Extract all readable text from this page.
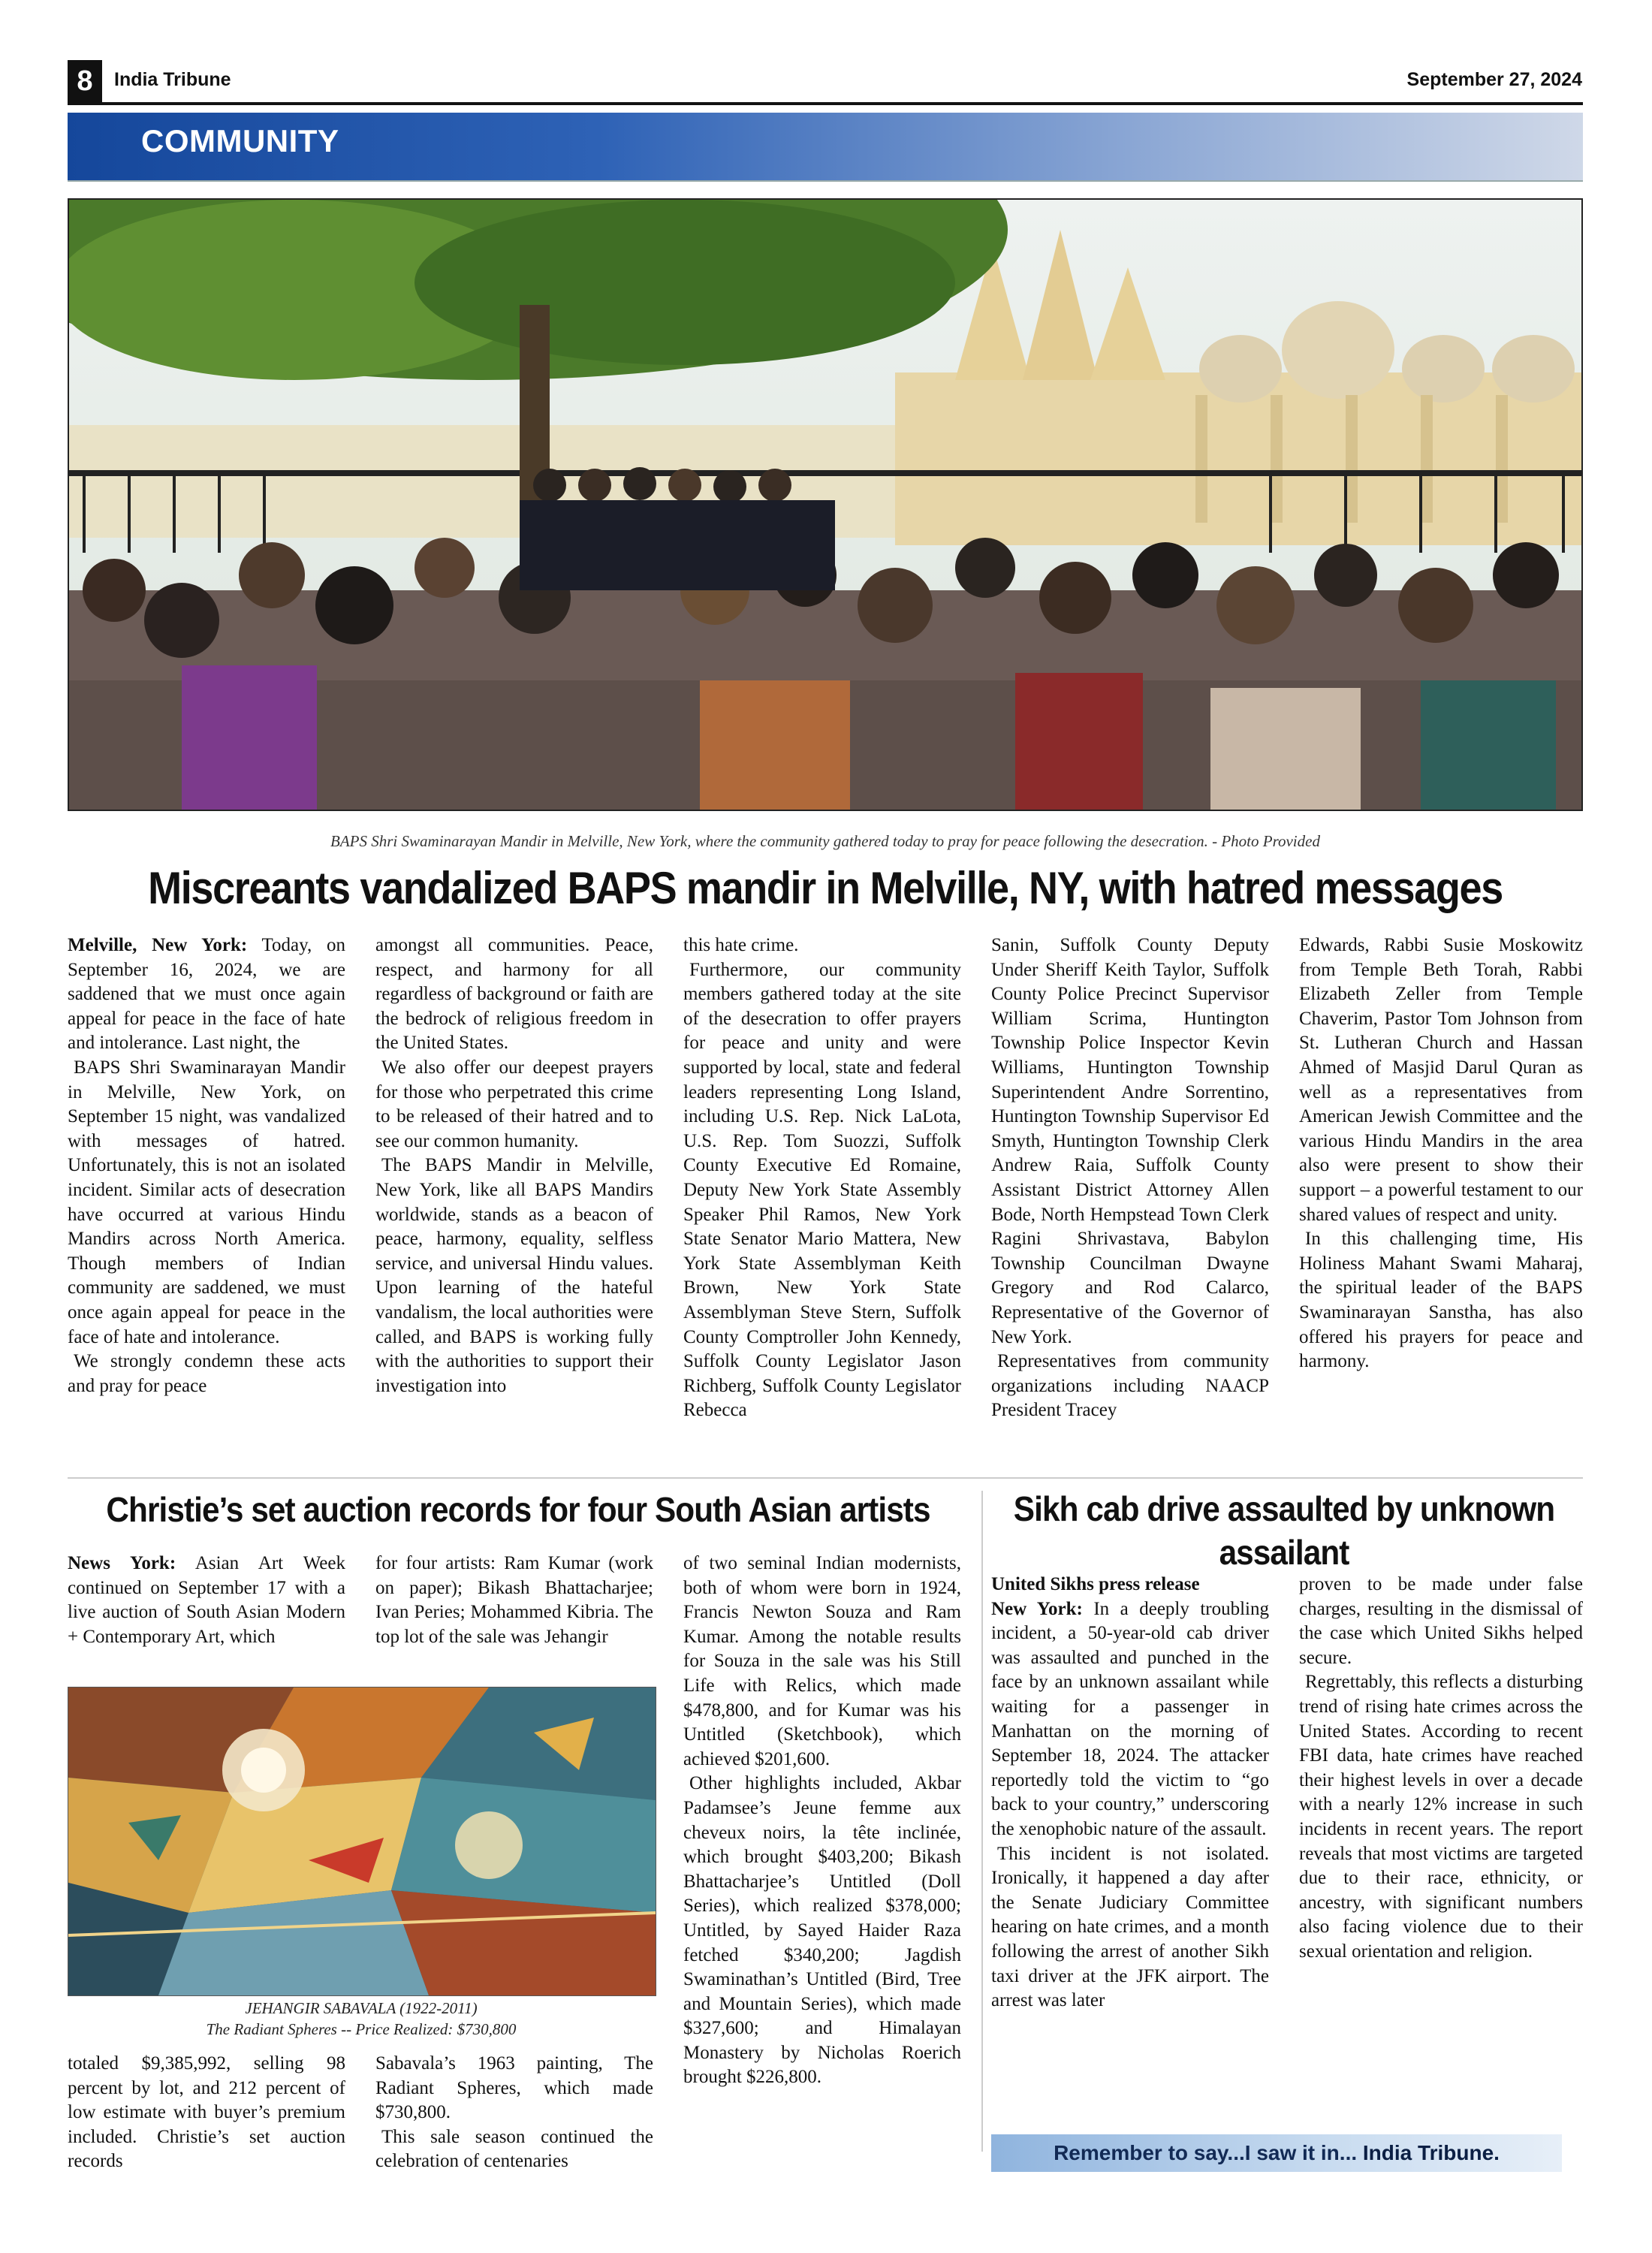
8	India Tribune	September 27, 2024
COMMUNITY
BAPS Shri Swaminarayan Mandir in Melville, New York, where the community gathered today to pray for peace following the desecration. - Photo Provided
Miscreants vandalized BAPS mandir in Melville, NY, with hatred messages

Melville, New York: Today, on September 16, 2024, we are saddened that we must once again appeal for peace in the face of hate and intolerance. Last night, the

BAPS Shri Swaminarayan Mandir in Melville, New York, on September 15 night, was vandalized with messages of hatred. Unfortunately, this is not an isolated incident. Similar acts of desecration have occurred at various Hindu Mandirs across North America. Though members of Indian community are saddened, we must once again appeal for peace in the face of hate and intolerance.

We strongly condemn these acts and pray for peace

amongst all communities. Peace, respect, and harmony for all regardless of background or faith are the bedrock of religious freedom in the United States.

We also offer our deepest prayers for those who perpetrated this crime to be released of their hatred and to see our common humanity.

The BAPS Mandir in Melville, New York, like all BAPS Mandirs worldwide, stands as a beacon of peace, harmony, equality, selfless service, and universal Hindu values. Upon learning of the hateful vandalism, the local authorities were called, and BAPS is working fully with the authorities to support their investigation into

this hate crime.

Furthermore, our community members gathered today at the site of the desecration to offer prayers for peace and unity and were supported by local, state and federal leaders representing Long Island, including U.S. Rep. Nick LaLota, U.S. Rep. Tom Suozzi, Suffolk County Executive Ed Romaine, Deputy New York State Assembly Speaker Phil Ramos, New York State Senator Mario Mattera, New York State Assemblyman Keith Brown, New York State Assemblyman Steve Stern, Suffolk County Comptroller John Kennedy, Suffolk County Legislator Jason Richberg, Suffolk County Legislator Rebecca

Sanin, Suffolk County Deputy Under Sheriff Keith Taylor, Suffolk County Police Precinct Supervisor William Scrima, Huntington Township Police Inspector Kevin Williams, Huntington Township Superintendent Andre Sorrentino, Huntington Township Supervisor Ed Smyth, Huntington Township Clerk Andrew Raia, Suffolk County Assistant District Attorney Allen Bode, North Hempstead Town Clerk Ragini Shrivastava, Babylon Township Councilman Dwayne Gregory and Rod Calarco, Representative of the Governor of New York.

Representatives from community organizations including NAACP President Tracey

Edwards, Rabbi Susie Moskowitz from Temple Beth Torah, Rabbi Elizabeth Zeller from Temple Chaverim, Pastor Tom Johnson from St. Lutheran Church and Hassan Ahmed of Masjid Darul Quran as well as a representatives from American Jewish Committee and the various Hindu Mandirs in the area also were present to show their support – a powerful testament to our shared values of respect and unity.

In this challenging time, His Holiness Mahant Swami Maharaj, the spiritual leader of the BAPS Swaminarayan Sanstha, has also offered his prayers for peace and harmony.

Christie’s set auction records for four South Asian artists

News York: Asian Art Week continued on September 17 with a live auction of South Asian Modern + Contemporary Art, which

for four artists: Ram Kumar (work on paper); Bikash Bhattacharjee; Ivan Peries; Mohammed Kibria. The top lot of the sale was Jehangir

JEHANGIR SABAVALA (1922-2011)
The Radiant Spheres -- Price Realized: $730,800

totaled $9,385,992, selling 98 percent by lot, and 212 percent of low estimate with buyer’s premium included. Christie’s set auction records

Sabavala’s 1963 painting, The Radiant Spheres, which made $730,800.

This sale season continued the celebration of centenaries

of two seminal Indian modernists, both of whom were born in 1924, Francis Newton Souza and Ram Kumar. Among the notable results for Souza in the sale was his Still Life with Relics, which made $478,800, and for Kumar was his Untitled (Sketchbook), which achieved $201,600.

Other highlights included, Akbar Padamsee’s Jeune femme aux cheveux noirs, la tête inclinée, which brought $403,200; Bikash Bhattacharjee’s Untitled (Doll Series), which realized $378,000; Untitled, by Sayed Haider Raza fetched $340,200; Jagdish Swaminathan’s Untitled (Bird, Tree and Mountain Series), which made $327,600; and Himalayan Monastery by Nicholas Roerich brought $226,800.

Sikh cab drive assaulted by unknown assailant

United Sikhs press release

New York: In a deeply troubling incident, a 50-year-old cab driver was assaulted and punched in the face by an unknown assailant while waiting for a passenger in Manhattan on the morning of September 18, 2024. The attacker reportedly told the victim to “go back to your country,” underscoring the xenophobic nature of the assault.

This incident is not isolated. Ironically, it happened a day after the Senate Judiciary Committee hearing on hate crimes, and a month following the arrest of another Sikh taxi driver at the JFK airport. The arrest was later

proven to be made under false charges, resulting in the dismissal of the case which United Sikhs helped secure.

Regrettably, this reflects a disturbing trend of rising hate crimes across the United States. According to recent FBI data, hate crimes have reached their highest levels in over a decade with a nearly 12% increase in such incidents in recent years. The report reveals that most victims are targeted due to their race, ethnicity, or ancestry, with significant numbers also facing violence due to their sexual orientation and religion.

Remember to say...I saw it in...
India Tribune.
